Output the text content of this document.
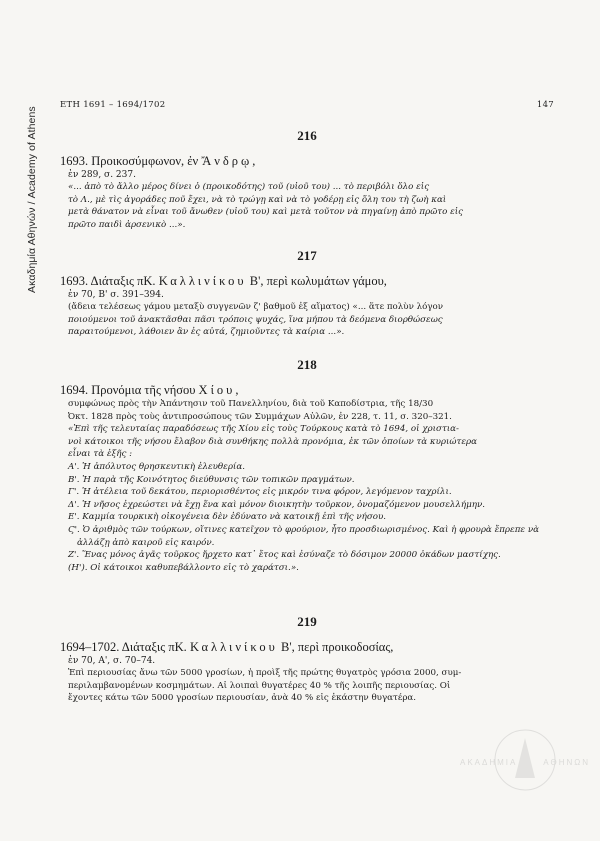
Ακαδημία Αθηνών / Academy of Athens
ΕΤΗ 1691 – 1694/1702	147
216
1693. Προικοσύμφωνον, ἐν Ἄνδρῳ,
ἐν 289, σ. 237.
«... ἀπὸ τὸ ἄλλο μέρος δίνει ὁ (προικοδότης) τοῦ (υἱοῦ του) ... τὸ περιβόλι ὅλο εἰς
τὸ Λ., μὲ τὶς ἀγοράδες ποῦ ἔχει, νὰ τὸ τρώγῃ καὶ νὰ τὸ γοδέρῃ εἰς ὅλη του τὴ ζωὴ καὶ
μετὰ θάνατον νὰ εἶναι τοῦ ἄνωθεν (υἱοῦ του) καὶ μετὰ τοῦτον νὰ πηγαίνῃ ἀπὸ πρῶτο εἰς
πρῶτο παιδὶ ἀρσενικὸ ...».
217
1693. Διάταξις πΚ. Καλλινίκου Β', περὶ κωλυμάτων γάμου,
ἐν 70, Β' σ. 391–394.
(ἄδεια τελέσεως γάμου μεταξὺ συγγενῶν ζ' βαθμοῦ ἐξ αἵματος) «... ἅτε πολὺν λόγον
ποιούμενοι τοῦ ἀνακτᾶσθαι πᾶσι τρόποις ψυχάς, ἵνα μήπου τὰ δεόμενα διορθώσεως
παραιτούμενοι, λάθοιεν ἂν ἐς αὐτά, ζημιοῦντες τὰ καίρια ...».
218
1694. Προνόμια τῆς νήσου Χίου,
συμφώνως πρὸς τὴν Ἀπάντησιν τοῦ Πανελληνίου, διὰ τοῦ Καποδίστρια, τῆς 18/30
Ὀκτ. 1828 πρὸς τοὺς ἀντιπροσώπους τῶν Συμμάχων Αὐλῶν, ἐν 228, τ. 11, σ. 320–321.
«Ἐπὶ τῆς τελευταίας παραδόσεως τῆς Χίου εἰς τοὺς Τούρκους κατὰ τὸ 1694, οἱ χριστια-
νοὶ κάτοικοι τῆς νήσου ἔλαβον διὰ συνθήκης πολλὰ προνόμια, ἐκ τῶν ὁποίων τὰ κυριώτερα
εἶναι τὰ ἑξῆς :
Α'. Ἡ ἀπόλυτος θρησκευτικὴ ἐλευθερία.
Β'. Ἡ παρὰ τῆς Κοινότητος διεύθυνσις τῶν τοπικῶν πραγμάτων.
Γ'. Ἡ ἀτέλεια τοῦ δεκάτου, περιορισθέντος εἰς μικρόν τινα φόρον, λεγόμενον ταχρίλι.
Δ'. Ἡ νῆσος ἐχρεώστει νὰ ἔχῃ ἕνα καὶ μόνον διοικητὴν τοῦρκον, ὀνομαζόμενον μουσελλήμην.
Ε'. Καμμία τουρκικὴ οἰκογένεια δὲν ἐδύνατο νὰ κατοικῇ ἐπὶ τῆς νήσου.
Ϛ'. Ὁ ἀριθμὸς τῶν τούρκων, οἵτινες κατεῖχον τὸ φρούριον, ἦτο προσδιωρισμένος. Καὶ ἡ φρουρὰ ἔπρεπε νὰ ἀλλάζῃ ἀπὸ καιροῦ εἰς καιρόν.
Ζ'. Ἕνας μόνος ἀγᾶς τοῦρκος ἤρχετο κατ᾽ ἔτος καὶ ἐσύναζε τὸ δόσιμον 20000 ὀκάδων μαστίχης.
(Η'). Οἱ κάτοικοι καθυπεβάλλοντο εἰς τὸ χαράτσι.».
219
1694–1702. Διάταξις πΚ. Καλλινίκου Β', περὶ προικοδοσίας,
ἐν 70, Α', σ. 70–74.
Ἐπὶ περιουσίας ἄνω τῶν 5000 γροσίων, ἡ προὶξ τῆς πρώτης θυγατρὸς γρόσια 2000, συμ-
περιλαμβανομένων κοσμημάτων. Αἱ λοιπαὶ θυγατέρες 40 % τῆς λοιπῆς περιουσίας. Οἱ
ἔχοντες κάτω τῶν 5000 γροσίων περιουσίαν, ἀνὰ 40 % εἰς ἑκάστην θυγατέρα.
ΑΚΑΔΗΜΙΑ	ΑΘΗΝΩΝ
